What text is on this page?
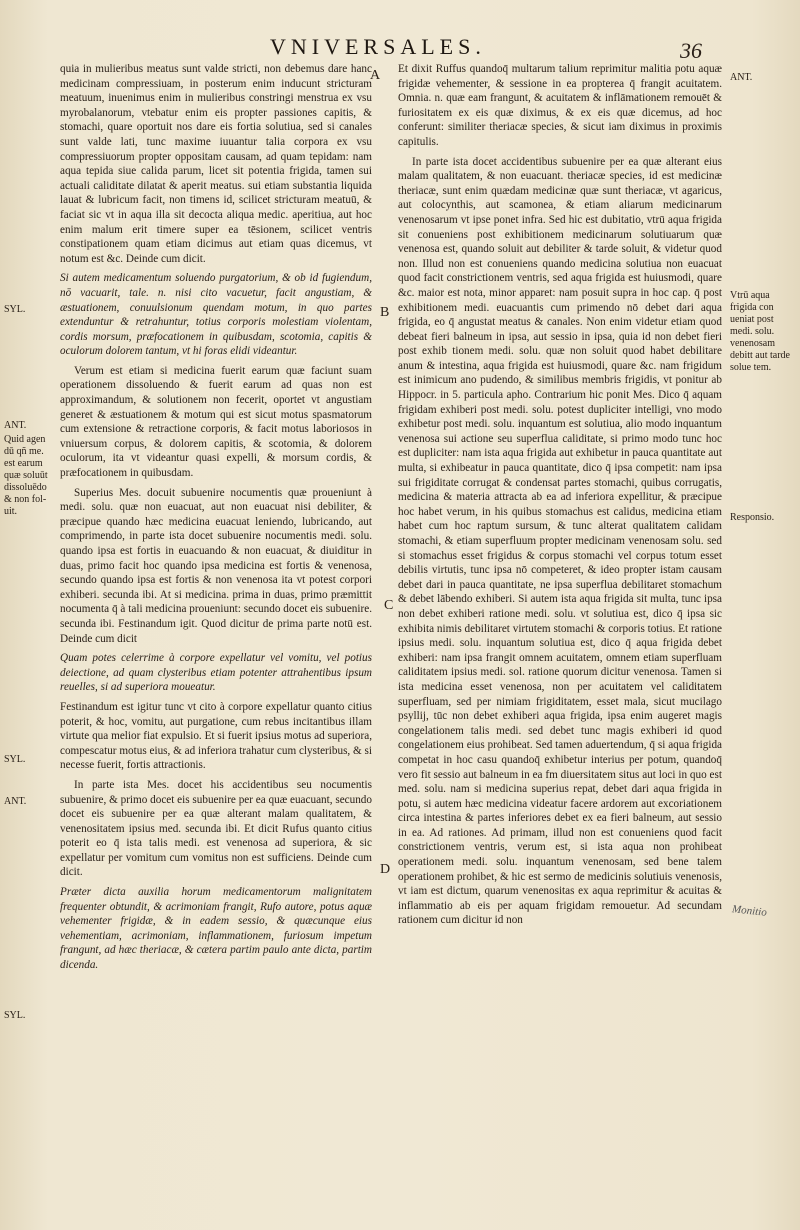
VNIVERSALES.	36

quia in mulieribus meatus sunt valde stricti, non debemus dare hanc medicinam compressiuam, in posterum enim inducunt stricturam meatuum, inuenimus enim in mulieribus constringi menstrua ex vsu myrobalanorum, vtebatur enim eis propter passiones capitis, & stomachi, quare oportuit nos dare eis fortia solutiua, sed si canales sunt valde lati, tunc maxime iuuantur talia corpora ex vsu compressiuorum propter oppositam causam, ad quam tepidam: nam aqua tepida siue calida parum, licet sit potentia frigida, tamen sui actuali caliditate dilatat & aperit meatus. sui etiam substantia liquida lauat & lubricum facit, non timens id, scilicet stricturam meatuū, & faciat sic vt in aqua illa sit decocta aliqua medic. aperitiua, aut hoc enim malum erit timere super ea tēsionem, scilicet ventris constipationem quam etiam dicimus aut etiam quas dicemus, vt notum est &c. Deinde cum dicit.

Si autem medicamentum soluendo purgatorium, & ob id fugiendum, nō vacuarit, tale. n. nisi cito vacuetur, facit angustiam, & æstuationem, conuulsionum quendam motum, in quo partes extenduntur & retrahuntur, totius corporis molestiam violentam, cordis morsum, præfocationem in quibusdam, scotomia, capitis & oculorum dolorem tantum, vt hi foras elidi videantur.

Verum est etiam si medicina fuerit earum quæ faciunt suam operationem dissoluendo & fuerit earum ad quas non est approximandum, & solutionem non fecerit, oportet vt angustiam generet & æstuationem & motum qui est sicut motus spasmatorum cum extensione & retractione corporis, & facit motus laboriosos in vniuersum corpus, & dolorem capitis, & scotomia, & dolorem oculorum, ita vt videantur quasi expelli, & morsum cordis, & præfocationem in quibusdam.

Superius Mes. docuit subuenire nocumentis quæ proueniunt à medi. solu. quæ non euacuat, aut non euacuat nisi debiliter, & præcipue quando hæc medicina euacuat leniendo, lubricando, aut comprimendo, in parte ista docet subuenire nocumentis medi. solu. quando ipsa est fortis in euacuando & non euacuat, & diuiditur in duas, primo facit hoc quando ipsa medicina est fortis & venenosa, secundo quando ipsa est fortis & non venenosa ita vt potest corpori exhiberi. secunda ibi. At si medicina. prima in duas, primo præmittit nocumenta q̄ à tali medicina proueniunt: secundo docet eis subuenire. secunda ibi. Festinandum igit. Quod dicitur de prima parte notū est. Deinde cum dicit

Quam potes celerrime à corpore expellatur vel vomitu, vel potius deiectione, ad quam clysteribus etiam potenter attrahentibus ipsum reuelles, si ad superiora moueatur.

Festinandum est igitur tunc vt cito à corpore expellatur quanto citius poterit, & hoc, vomitu, aut purgatione, cum rebus incitantibus illam virtute qua melior fiat expulsio. Et si fuerit ipsius motus ad superiora, compescatur motus eius, & ad inferiora trahatur cum clysteribus, & si necesse fuerit, fortis attractionis.

In parte ista Mes. docet his accidentibus seu nocumentis subuenire, & primo docet eis subuenire per ea quæ euacuant, secundo docet eis subuenire per ea quæ alterant malam qualitatem, & venenositatem ipsius med. secunda ibi. Et dicit Rufus quanto citius poterit eo q̄ ista talis medi. est venenosa ad superiora, & sic expellatur per vomitum cum vomitus non est sufficiens. Deinde cum dicit.

Præter dicta auxilia horum medicamentorum malignitatem frequenter obtundit, & acrimoniam frangit, Rufo autore, potus aquæ vehementer frigidæ, & in eadem sessio, & quæcunque eius vehementiam, acrimoniam, inflammationem, furiosum impetum frangunt, ad hæc theriacæ, & cætera partim paulo ante dicta, partim dicenda.

Et dixit Ruffus quandoq̄ multarum talium reprimitur malitia potu aquæ frigidæ vehementer, & sessione in ea propterea q̄ frangit acuitatem. Omnia. n. quæ eam frangunt, & acuitatem & inflāmationem remouēt & furiositatem ex eis quæ diximus, & ex eis quæ dicemus, ad hoc conferunt: similiter theriacæ species, & sicut iam diximus in proximis capitulis.

In parte ista docet accidentibus subuenire per ea quæ alterant eius malam qualitatem, & non euacuant. theriacæ species, id est medicinæ theriacæ, sunt enim quædam medicinæ quæ sunt theriacæ, vt agaricus, aut colocynthis, aut scamonea, & etiam aliarum medicinarum venenosarum vt ipse ponet infra. Sed hic est dubitatio, vtrū aqua frigida sit conueniens post exhibitionem medicinarum solutiuarum quæ venenosa est, quando soluit aut debiliter & tarde soluit, & videtur quod non. Illud non est conueniens quando medicina solutiua non euacuat quod facit constrictionem ventris, sed aqua frigida est huiusmodi, quare &c. maior est nota, minor apparet: nam posuit supra in hoc cap. q̄ post exhibitionem medi. euacuantis cum primendo nō debet dari aqua frigida, eo q̄ angustat meatus & canales. Non enim videtur etiam quod debeat fieri balneum in ipsa, aut sessio in ipsa, quia id non debet fieri post exhib tionem medi. solu. quæ non soluit quod habet debilitare anum & intestina, aqua frigida est huiusmodi, quare &c. nam frigidum est inimicum ano pudendo, & similibus membris frigidis, vt ponitur ab Hippocr. in 5. particula apho. Contrarium hic ponit Mes. Dico q̄ aquam frigidam exhiberi post medi. solu. potest dupliciter intelligi, vno modo exhibetur post medi. solu. inquantum est solutiua, alio modo inquantum venenosa sui actione seu superflua caliditate, si primo modo tunc hoc est dupliciter: nam ista aqua frigida aut exhibetur in pauca quantitate aut multa, si exhibeatur in pauca quantitate, dico q̄ ipsa competit: nam ipsa sui frigiditate corrugat & condensat partes stomachi, quibus corrugatis, medicina & materia attracta ab ea ad inferiora expellitur, & præcipue hoc habet verum, in his quibus stomachus est calidus, medicina etiam habet cum hoc raptum sursum, & tunc alterat qualitatem calidam stomachi, & etiam superfluum propter medicinam venenosam solu. sed si stomachus esset frigidus & corpus stomachi vel corpus totum esset debilis virtutis, tunc ipsa nō competeret, & ideo propter istam causam debet dari in pauca quantitate, ne ipsa superflua debilitaret stomachum & debet lābendo exhiberi. Si autem ista aqua frigida sit multa, tunc ipsa non debet exhiberi ratione medi. solu. vt solutiua est, dico q̄ ipsa sic exhibita nimis debilitaret virtutem stomachi & corporis totius. Et ratione ipsius medi. solu. inquantum solutiua est, dico q̄ aqua frigida debet exhiberi: nam ipsa frangit omnem acuitatem, omnem etiam superfluam caliditatem ipsius medi. sol. ratione quorum dicitur venenosa. Tamen si ista medicina esset venenosa, non per acuitatem vel caliditatem superfluam, sed per nimiam frigiditatem, esset mala, sicut mucilago psyllij, tūc non debet exhiberi aqua frigida, ipsa enim augeret magis congelationem talis medi. sed debet tunc magis exhiberi id quod congelationem eius prohibeat. Sed tamen aduertendum, q̄ si aqua frigida competat in hoc casu quandoq̄ exhibetur interius per potum, quandoq̄ vero fit sessio aut balneum in ea fm diuersitatem situs aut loci in quo est med. solu. nam si medicina superius repat, debet dari aqua frigida in potu, si autem hæc medicina videatur facere ardorem aut excoriationem circa intestina & partes inferiores debet ex ea fieri balneum, aut sessio in ea. Ad rationes. Ad primam, illud non est conueniens quod facit constrictionem ventris, verum est, si ista aqua non prohibeat operationem medi. solu. inquantum venenosam, sed bene talem operationem prohibet, & hic est sermo de medicinis solutiuis venenosis, vt iam est dictum, quarum venenositas ex aqua reprimitur & acuitas & inflammatio ab eis per aquam frigidam remouetur. Ad secundam rationem cum dicitur id non

A
B
C
D
SYL.
ANT.
Quid agen dū qñ me. est earum quæ soluūt dissoluēdo & non fol- uit.
SYL.
ANT.
SYL.
ANT.
Vtrū aqua frigida con ueniat post medi. solu. venenosam debitt aut tarde solue tem.
Responsio.
Monitio
